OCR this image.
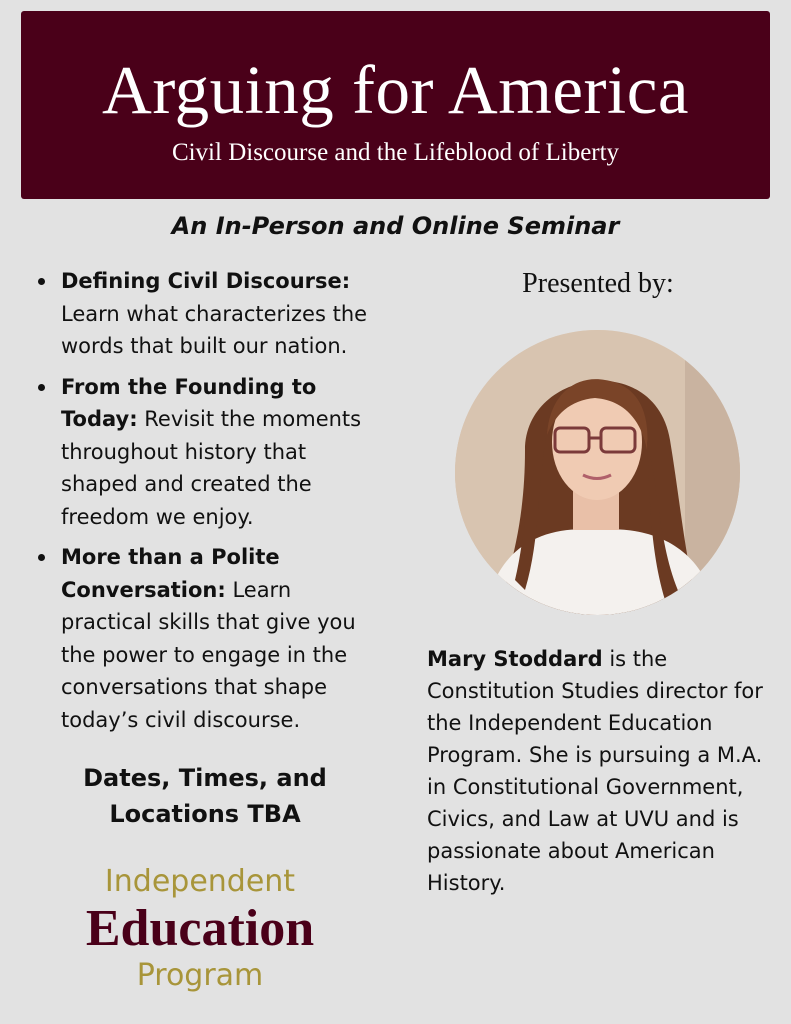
Arguing for America
Civil Discourse and the Lifeblood of Liberty
An In-Person and Online Seminar
Defining Civil Discourse: Learn what characterizes the words that built our nation.
From the Founding to Today: Revisit the moments throughout history that shaped and created the freedom we enjoy.
More than a Polite Conversation: Learn practical skills that give you the power to engage in the conversations that shape today’s civil discourse.
Dates, Times, and
Locations TBA
Independent
Education
Program
Presented by:
Mary Stoddard is the Constitution Studies director for the Independent Education Program. She is pursuing a M.A. in Constitutional Government, Civics, and Law at UVU and is passionate about American History.
